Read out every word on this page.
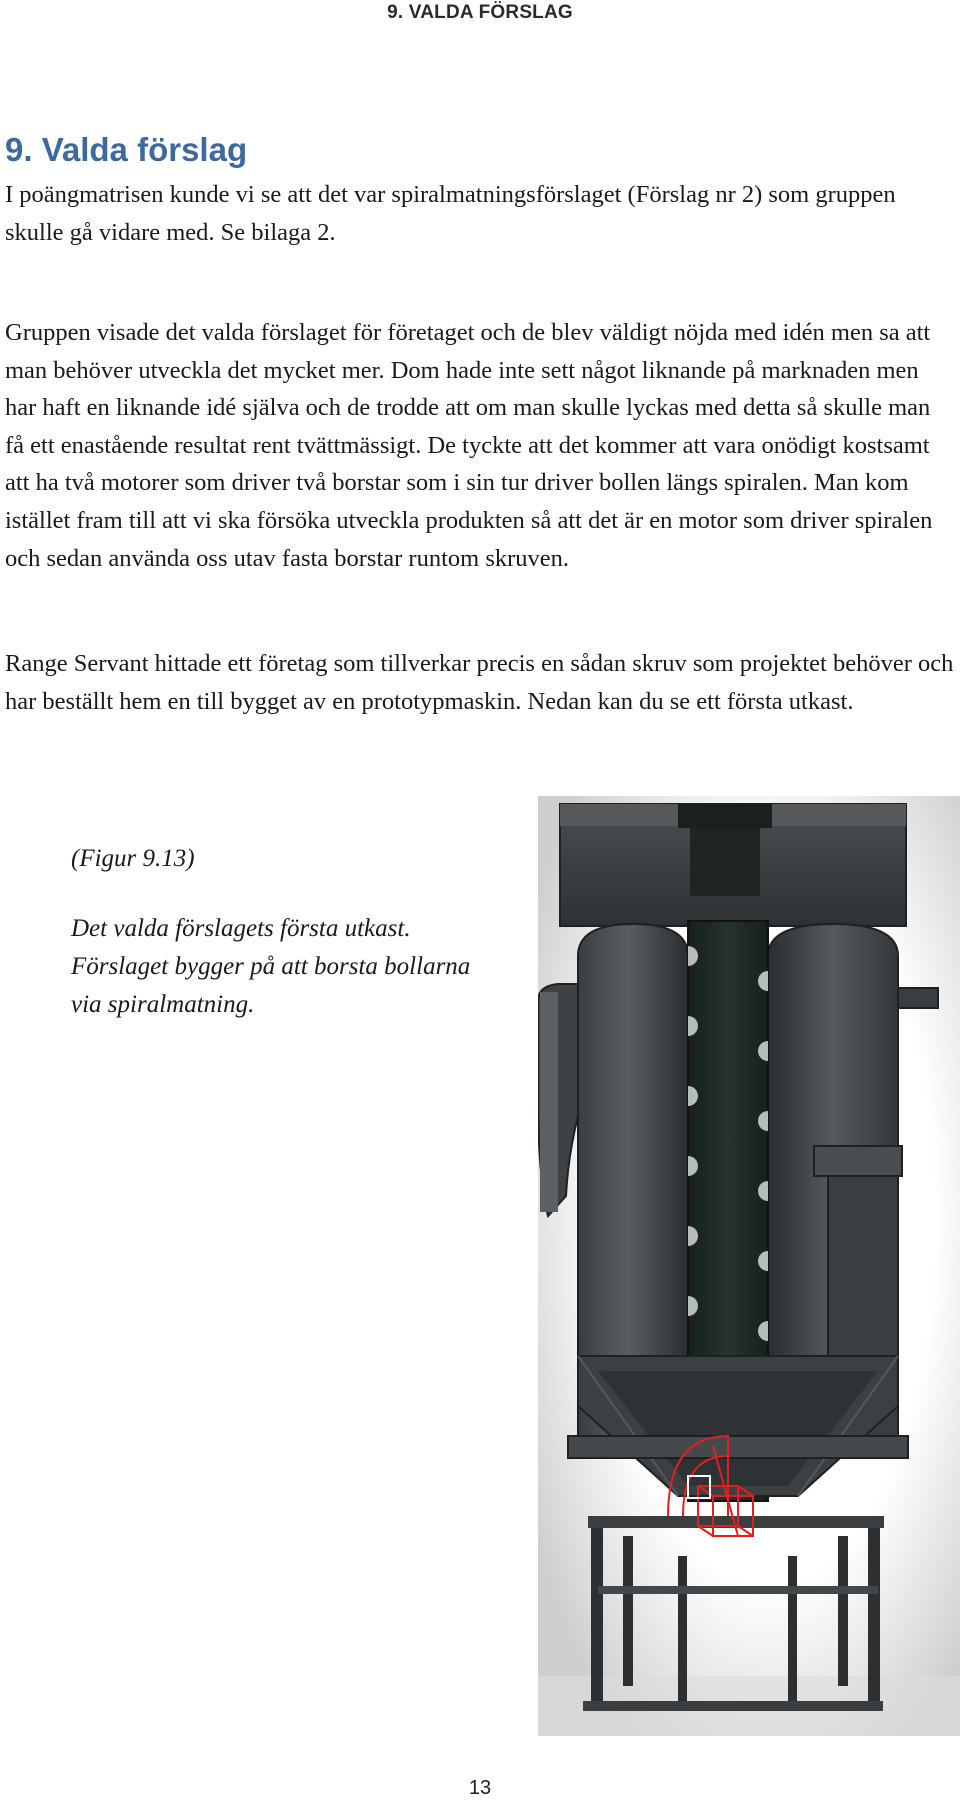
9. VALDA FÖRSLAG
9. Valda förslag

I poängmatrisen kunde vi se att det var spiralmatningsförslaget (Förslag nr 2) som gruppen skulle gå vidare med. Se bilaga 2.

Gruppen visade det valda förslaget för företaget och de blev väldigt nöjda med idén men sa att man behöver utveckla det mycket mer. Dom hade inte sett något liknande på marknaden men har haft en liknande idé själva och de trodde att om man skulle lyckas med detta så skulle man få ett enastående resultat rent tvättmässigt. De tyckte att det kommer att vara onödigt kostsamt att ha två motorer som driver två borstar som i sin tur driver bollen längs spiralen. Man kom istället fram till att vi ska försöka utveckla produkten så att det är en motor som driver spiralen och sedan använda oss utav fasta borstar runtom skruven.

Range Servant hittade ett företag som tillverkar precis en sådan skruv som projektet behöver och har beställt hem en till bygget av en prototypmaskin. Nedan kan du se ett första utkast.

(Figur 9.13)

Det valda förslagets första utkast. Förslaget bygger på att borsta bollarna via spiralmatning.

13
